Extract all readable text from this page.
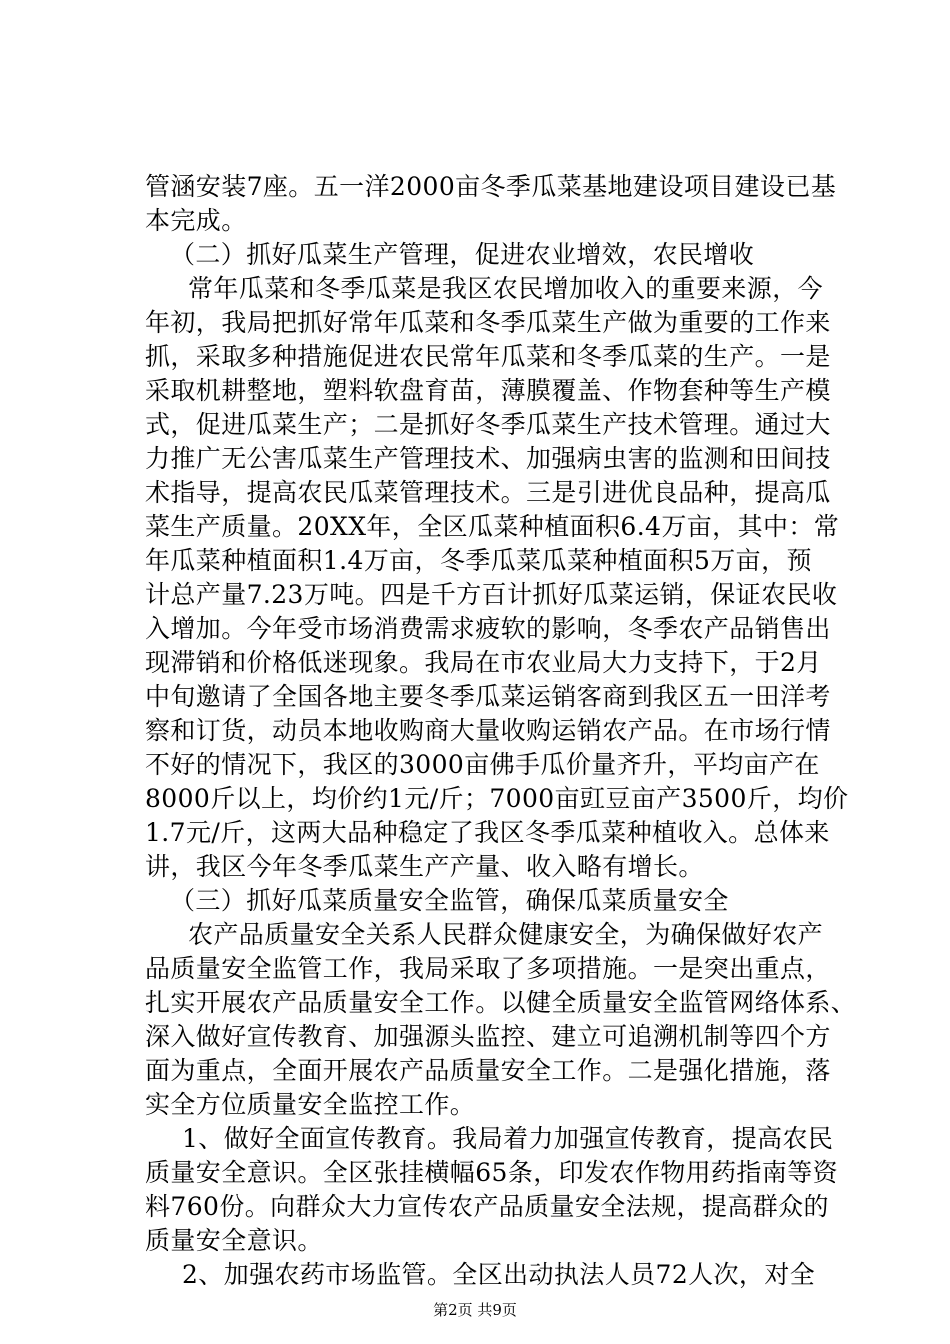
管涵安装7座。五一洋2000亩冬季瓜菜基地建设项目建设已基
本完成。
（二）抓好瓜菜生产管理，促进农业增效，农民增收
常年瓜菜和冬季瓜菜是我区农民增加收入的重要来源，今
年初，我局把抓好常年瓜菜和冬季瓜菜生产做为重要的工作来
抓，采取多种措施促进农民常年瓜菜和冬季瓜菜的生产。一是
采取机耕整地，塑料软盘育苗，薄膜覆盖、作物套种等生产模
式，促进瓜菜生产；二是抓好冬季瓜菜生产技术管理。通过大
力推广无公害瓜菜生产管理技术、加强病虫害的监测和田间技
术指导，提高农民瓜菜管理技术。三是引进优良品种，提高瓜
菜生产质量。20XX年，全区瓜菜种植面积6.4万亩，其中：常
年瓜菜种植面积1.4万亩，冬季瓜菜瓜菜种植面积5万亩，预
计总产量7.23万吨。四是千方百计抓好瓜菜运销，保证农民收
入增加。今年受市场消费需求疲软的影响，冬季农产品销售出
现滞销和价格低迷现象。我局在市农业局大力支持下，于2月
中旬邀请了全国各地主要冬季瓜菜运销客商到我区五一田洋考
察和订货，动员本地收购商大量收购运销农产品。在市场行情
不好的情况下，我区的3000亩佛手瓜价量齐升，平均亩产在
8000斤以上，均价约1元/斤；7000亩豇豆亩产3500斤，均价
1.7元/斤，这两大品种稳定了我区冬季瓜菜种植收入。总体来
讲，我区今年冬季瓜菜生产产量、收入略有增长。
（三）抓好瓜菜质量安全监管，确保瓜菜质量安全
农产品质量安全关系人民群众健康安全，为确保做好农产
品质量安全监管工作，我局采取了多项措施。一是突出重点，
扎实开展农产品质量安全工作。以健全质量安全监管网络体系、
深入做好宣传教育、加强源头监控、建立可追溯机制等四个方
面为重点，全面开展农产品质量安全工作。二是强化措施，落
实全方位质量安全监控工作。
1、做好全面宣传教育。我局着力加强宣传教育，提高农民
质量安全意识。全区张挂横幅65条，印发农作物用药指南等资
料760份。向群众大力宣传农产品质量安全法规，提高群众的
质量安全意识。
2、加强农药市场监管。全区出动执法人员72人次，对全
第2页 共9页
